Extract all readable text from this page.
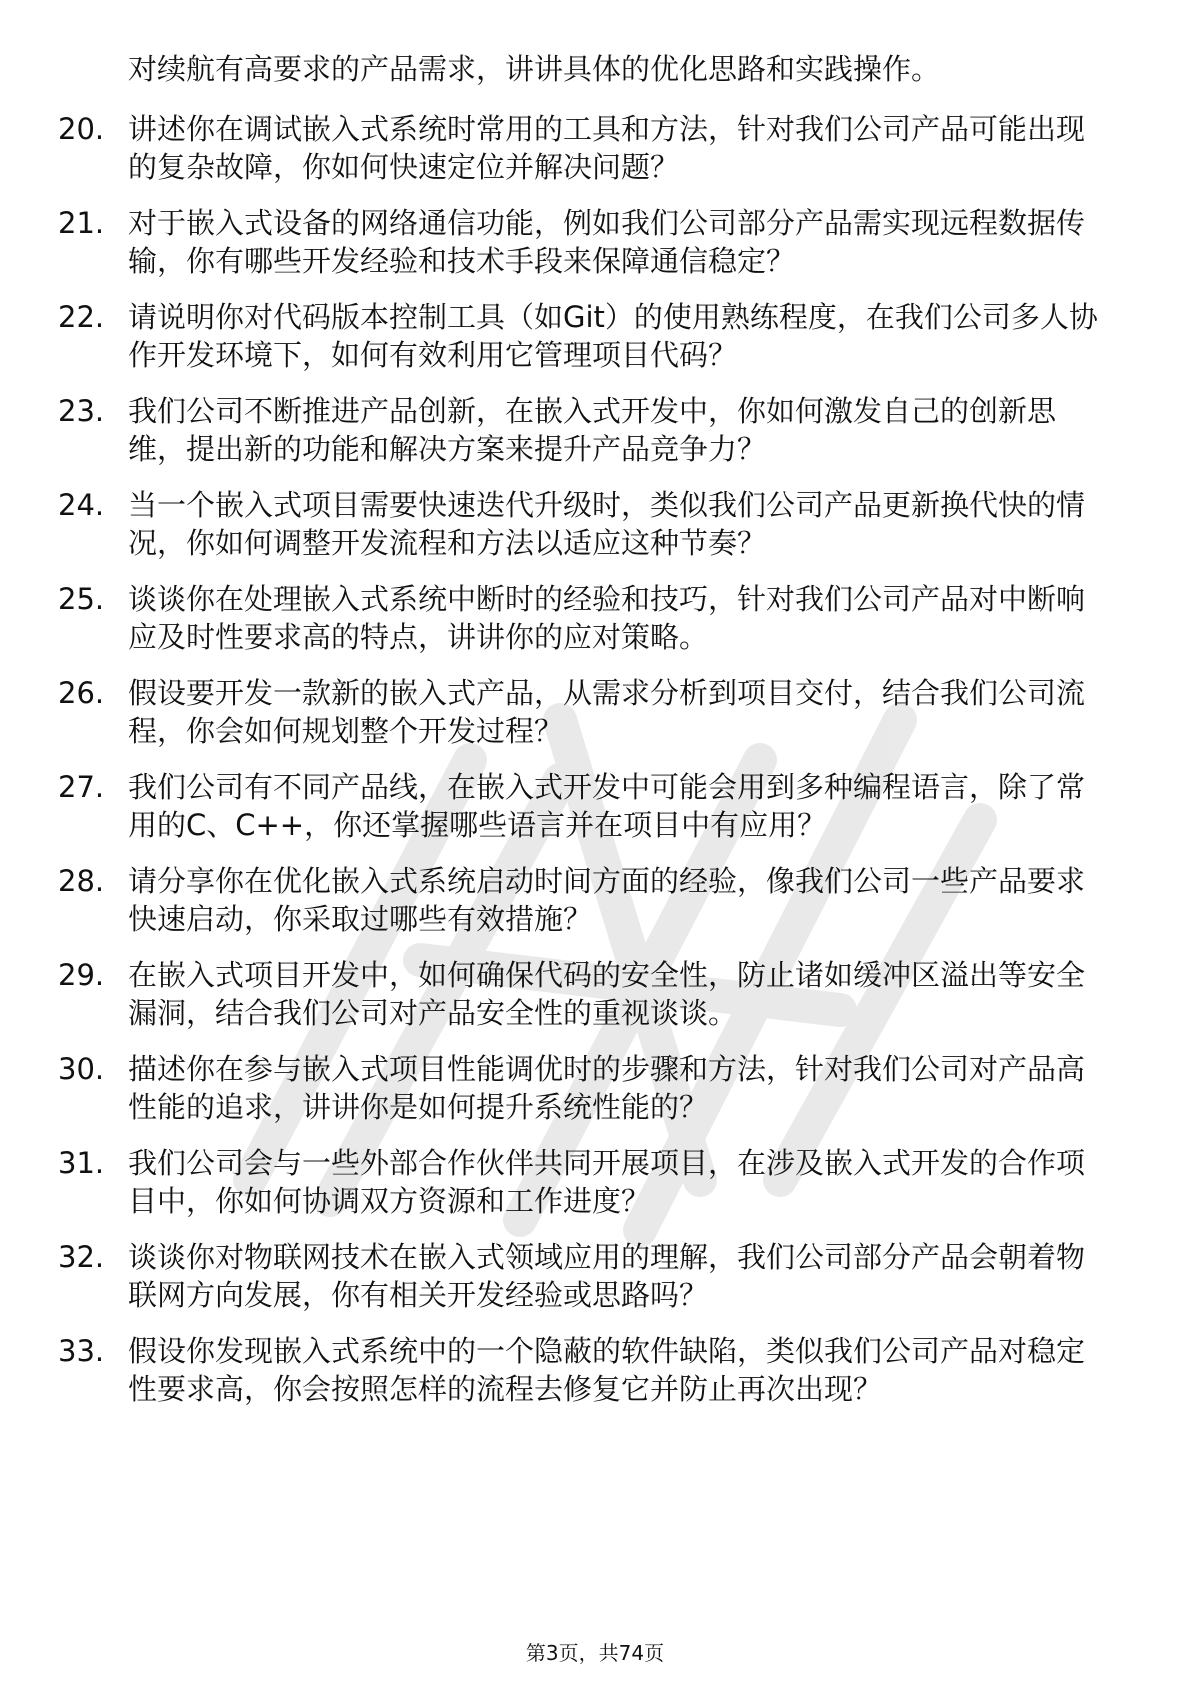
对续航有高要求的产品需求，讲讲具体的优化思路和实践操作。

20. 讲述你在调试嵌入式系统时常用的工具和方法，针对我们公司产品可能出现的复杂故障，你如何快速定位并解决问题？
21. 对于嵌入式设备的网络通信功能，例如我们公司部分产品需实现远程数据传输，你有哪些开发经验和技术手段来保障通信稳定？
22. 请说明你对代码版本控制工具（如Git）的使用熟练程度，在我们公司多人协作开发环境下，如何有效利用它管理项目代码？
23. 我们公司不断推进产品创新，在嵌入式开发中，你如何激发自己的创新思维，提出新的功能和解决方案来提升产品竞争力？
24. 当一个嵌入式项目需要快速迭代升级时，类似我们公司产品更新换代快的情况，你如何调整开发流程和方法以适应这种节奏？
25. 谈谈你在处理嵌入式系统中断时的经验和技巧，针对我们公司产品对中断响应及时性要求高的特点，讲讲你的应对策略。
26. 假设要开发一款新的嵌入式产品，从需求分析到项目交付，结合我们公司流程，你会如何规划整个开发过程？
27. 我们公司有不同产品线，在嵌入式开发中可能会用到多种编程语言，除了常用的C、C++，你还掌握哪些语言并在项目中有应用？
28. 请分享你在优化嵌入式系统启动时间方面的经验，像我们公司一些产品要求快速启动，你采取过哪些有效措施？
29. 在嵌入式项目开发中，如何确保代码的安全性，防止诸如缓冲区溢出等安全漏洞，结合我们公司对产品安全性的重视谈谈。
30. 描述你在参与嵌入式项目性能调优时的步骤和方法，针对我们公司对产品高性能的追求，讲讲你是如何提升系统性能的？
31. 我们公司会与一些外部合作伙伴共同开展项目，在涉及嵌入式开发的合作项目中，你如何协调双方资源和工作进度？
32. 谈谈你对物联网技术在嵌入式领域应用的理解，我们公司部分产品会朝着物联网方向发展，你有相关开发经验或思路吗？
33. 假设你发现嵌入式系统中的一个隐蔽的软件缺陷，类似我们公司产品对稳定性要求高，你会按照怎样的流程去修复它并防止再次出现？
第3页，共74页
